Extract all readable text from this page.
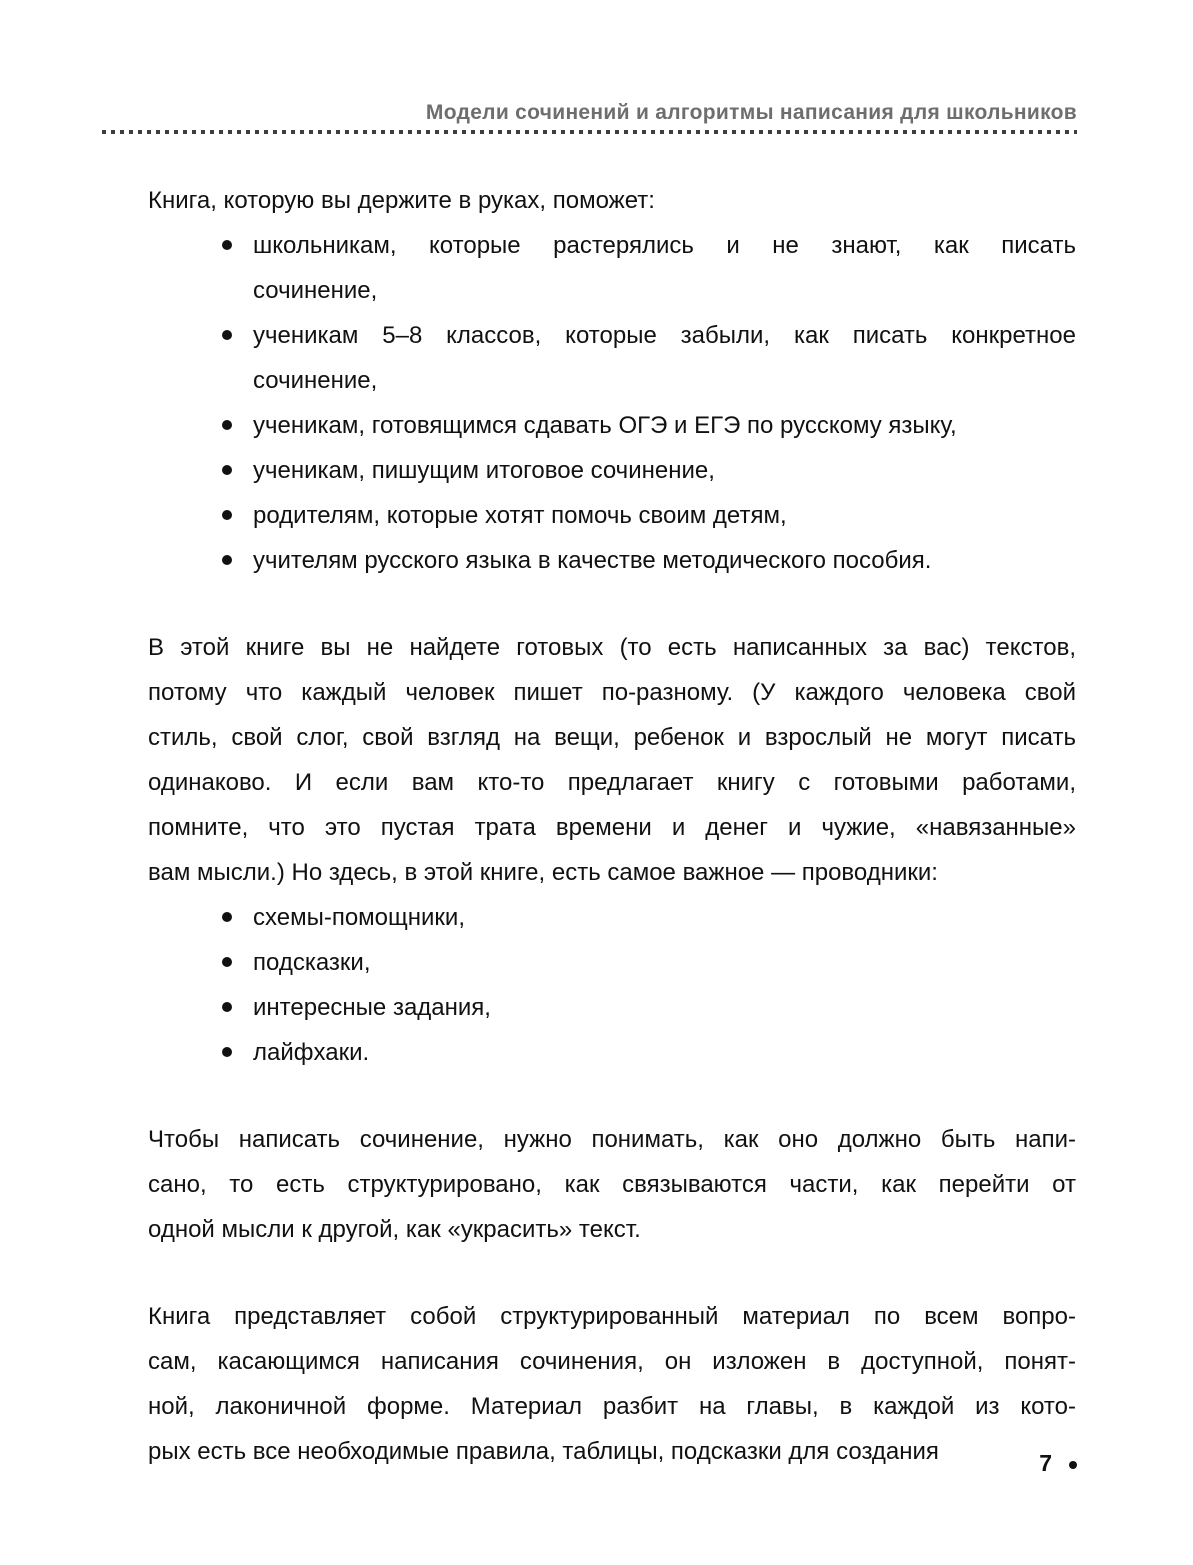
Модели сочинений и алгоритмы написания для школьников
Книга, которую вы держите в руках, поможет:
школьникам, которые растерялись и не знают, как писать
сочинение,
ученикам 5–8 классов, которые забыли, как писать конкретное
сочинение,
ученикам, готовящимся сдавать ОГЭ и ЕГЭ по русскому языку,
ученикам, пишущим итоговое сочинение,
родителям, которые хотят помочь своим детям,
учителям русского языка в качестве методического пособия.
В этой книге вы не найдете готовых (то есть написанных за вас) текстов,
потому что каждый человек пишет по-разному. (У каждого человека свой
стиль, свой слог, свой взгляд на вещи, ребенок и взрослый не могут писать
одинаково. И если вам кто-то предлагает книгу с готовыми работами,
помните, что это пустая трата времени и денег и чужие, «навязанные»
вам мысли.) Но здесь, в этой книге, есть самое важное — проводники:
схемы-помощники,
подсказки,
интересные задания,
лайфхаки.
Чтобы написать сочинение, нужно понимать, как оно должно быть напи-
сано, то есть структурировано, как связываются части, как перейти от
одной мысли к другой, как «украсить» текст.
Книга представляет собой структурированный материал по всем вопро-
сам, касающимся написания сочинения, он изложен в доступной, понят-
ной, лаконичной форме. Материал разбит на главы, в каждой из кото-
рых есть все необходимые правила, таблицы, подсказки для создания	7
